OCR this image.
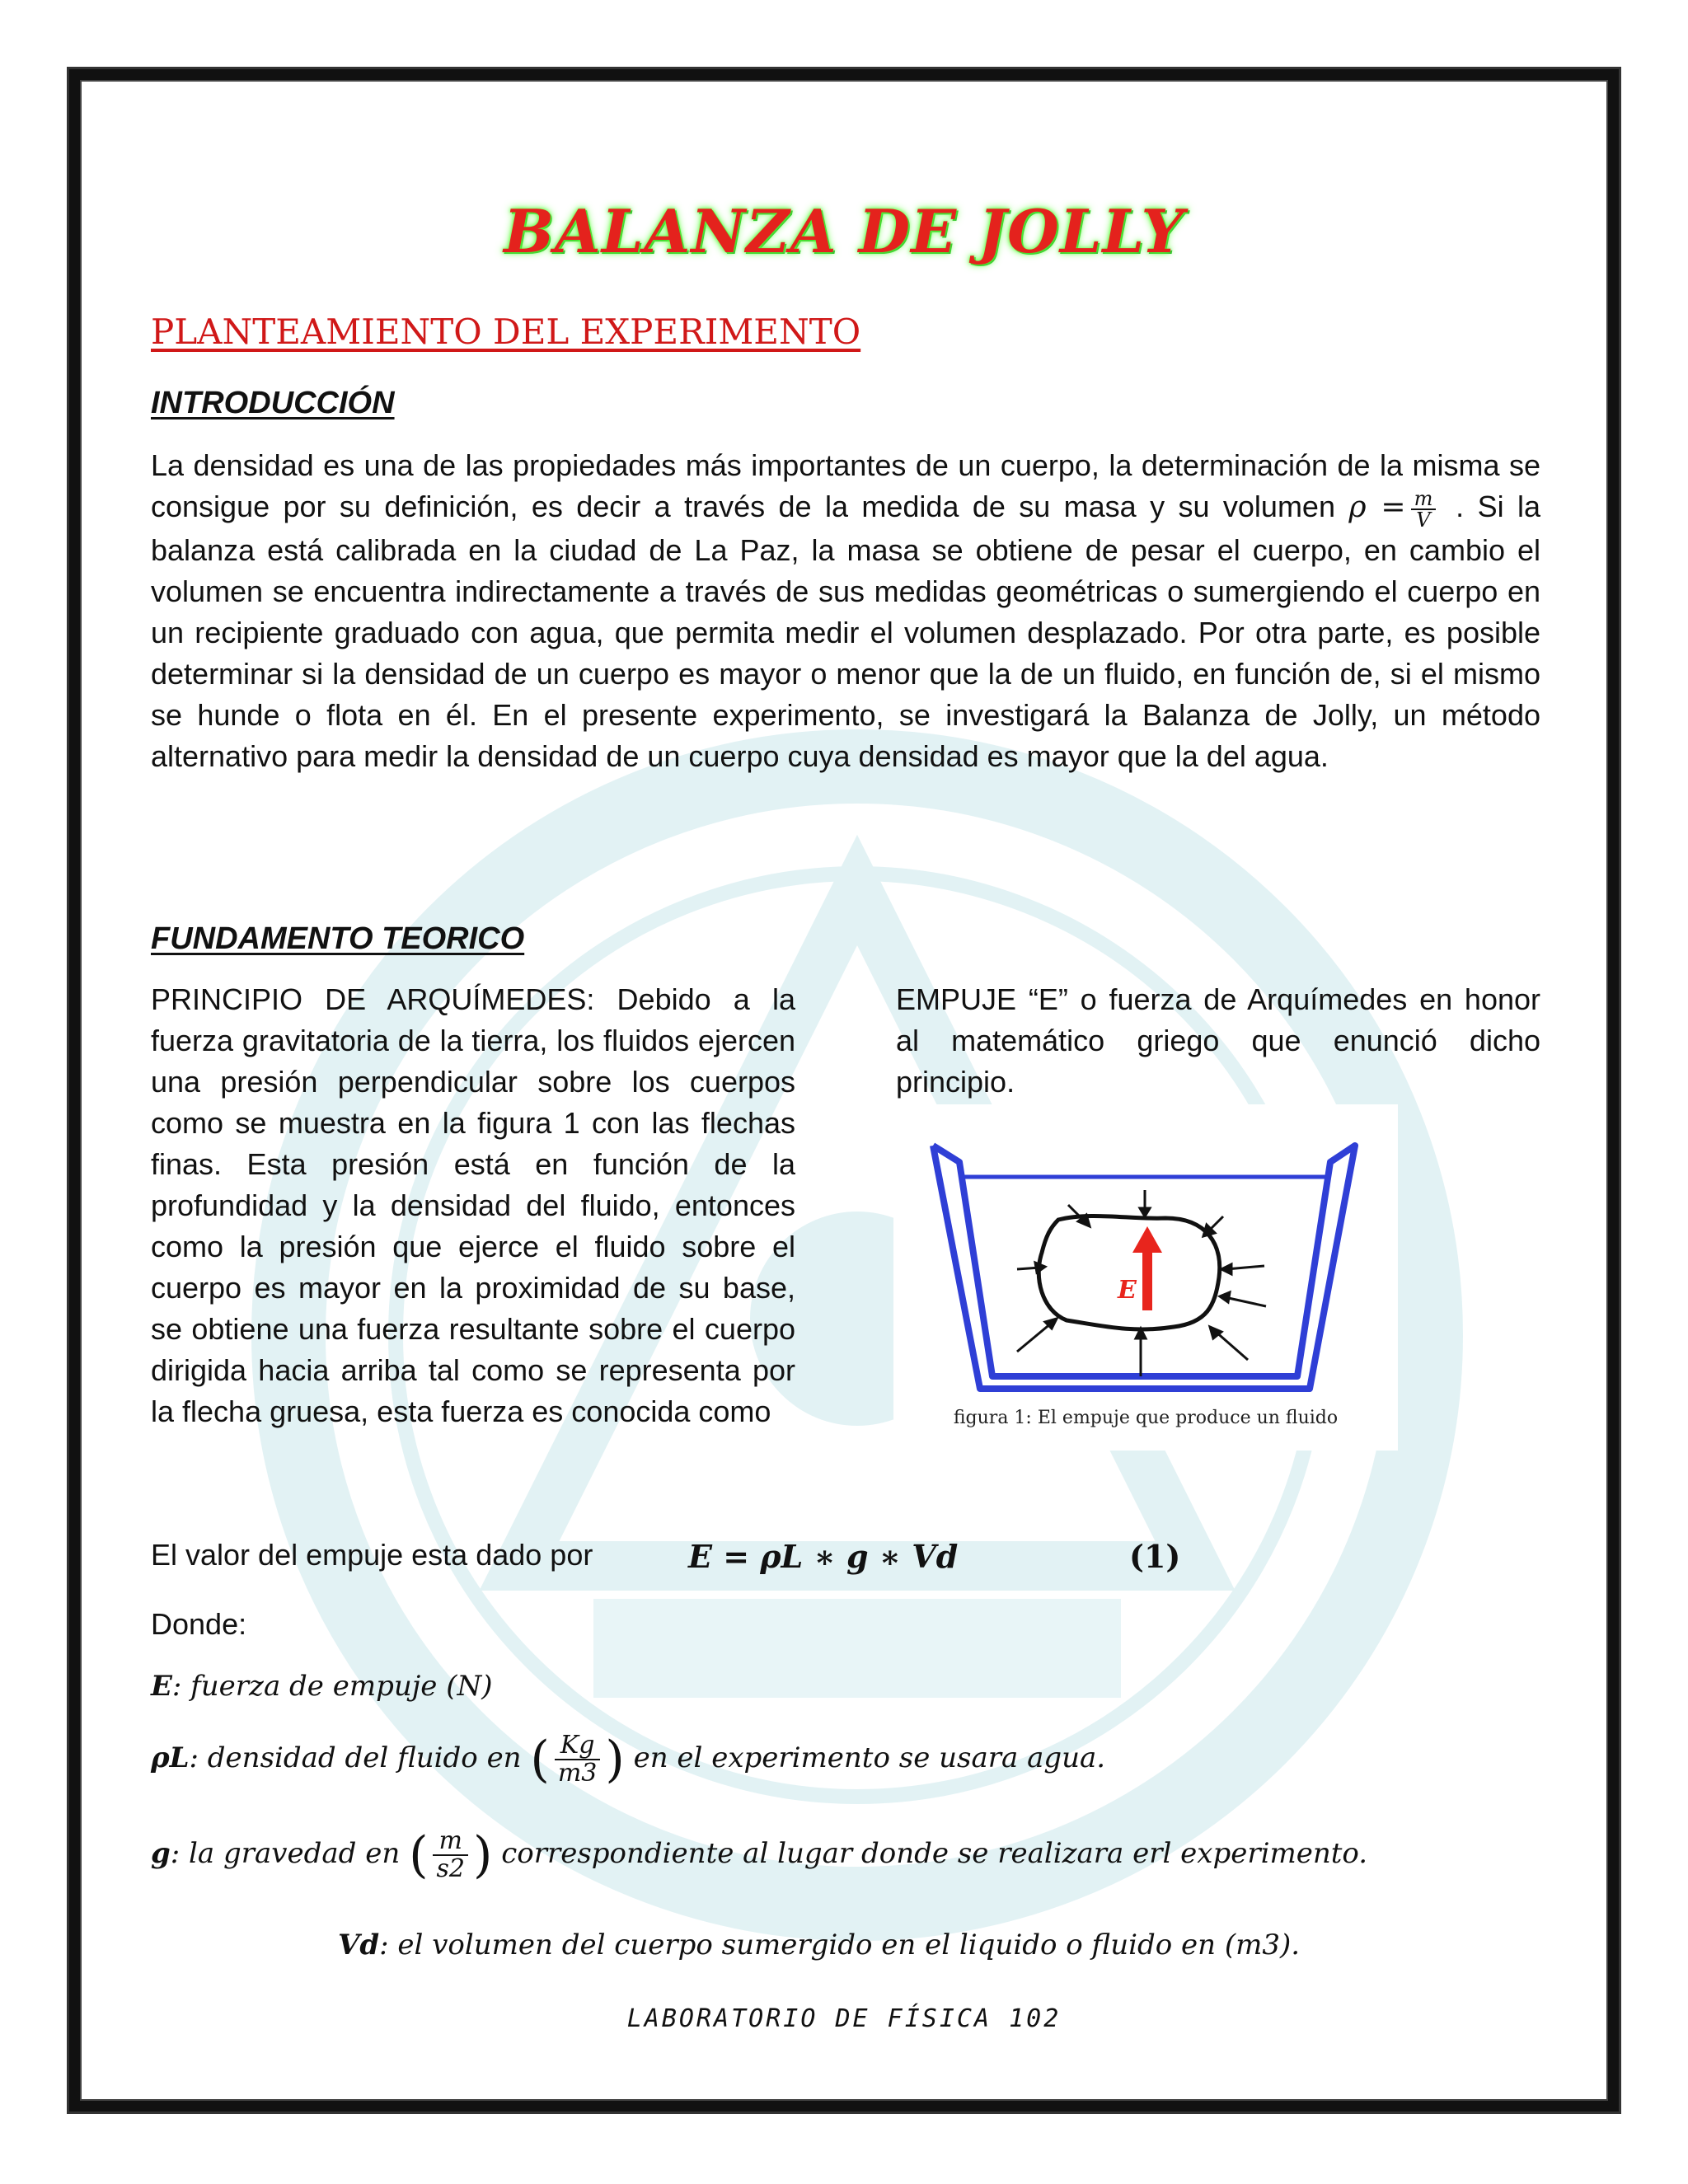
BALANZA DE JOLLY
PLANTEAMIENTO DEL EXPERIMENTO
INTRODUCCIÓN
La densidad es una de las propiedades más importantes de un cuerpo, la determinación de la misma se consigue por su definición, es decir a través de la medida de su masa y su volumen $\rho = \frac{m}{V}$ . Si la balanza está calibrada en la ciudad de La Paz, la masa se obtiene de pesar el cuerpo, en cambio el volumen se encuentra indirectamente a través de sus medidas geométricas o sumergiendo el cuerpo en un recipiente graduado con agua, que permita medir el volumen desplazado. Por otra parte, es posible determinar si la densidad de un cuerpo es mayor o menor que la de un fluido, en función de, si el mismo se hunde o flota en él. En el presente experimento, se investigará la Balanza de Jolly, un método alternativo para medir la densidad de un cuerpo cuya densidad es mayor que la del agua.
FUNDAMENTO TEORICO
PRINCIPIO DE ARQUÍMEDES: Debido a la fuerza gravitatoria de la tierra, los fluidos ejercen una presión perpendicular sobre los cuerpos como se muestra en la figura 1 con las flechas finas. Esta presión está en función de la profundidad y la densidad del fluido, entonces como la presión que ejerce el fluido sobre el cuerpo es mayor en la proximidad de su base, se obtiene una fuerza resultante sobre el cuerpo dirigida hacia arriba tal como se representa por la flecha gruesa, esta fuerza es conocida como
EMPUJE “E” o fuerza de Arquímedes en honor al matemático griego que enunció dicho principio.
E
figura 1: El empuje que produce un fluido
El valor del empuje esta dado por	E = ρL ∗ g ∗ Vd	(1)
Donde:
E: fuerza de empuje (N)
ρL: densidad del fluido en ( $\frac{Kg}{m3}$ ) en el experimento se usara agua.
g: la gravedad en ( $\frac{m}{s2}$ ) correspondiente al lugar donde se realizara erl experimento.
Vd: el volumen del cuerpo sumergido en el liquido o fluido en (m3).
LABORATORIO DE FÍSICA 102
